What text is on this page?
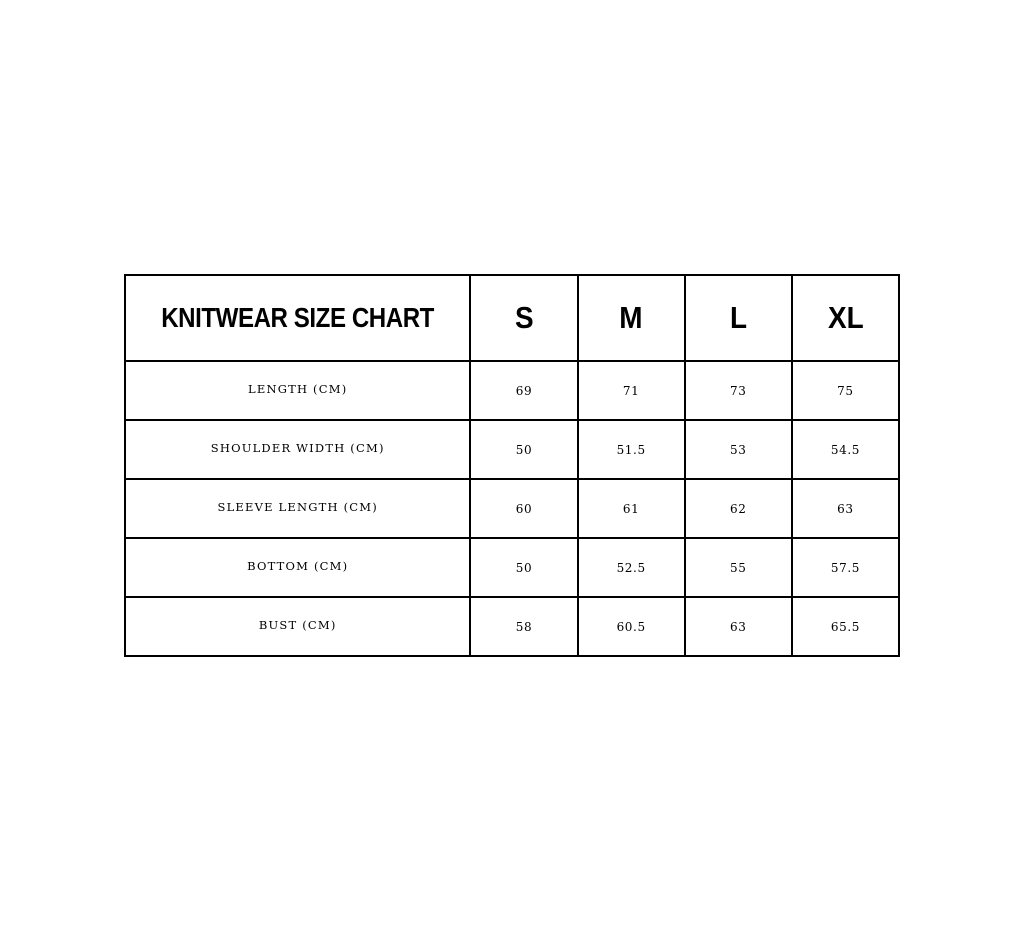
KNITWEAR SIZE CHART	S	M	L	XL
LENGTH (CM)	69	71	73	75
SHOULDER WIDTH (CM)	50	51.5	53	54.5
SLEEVE LENGTH (CM)	60	61	62	63
BOTTOM (CM)	50	52.5	55	57.5
BUST (CM)	58	60.5	63	65.5
